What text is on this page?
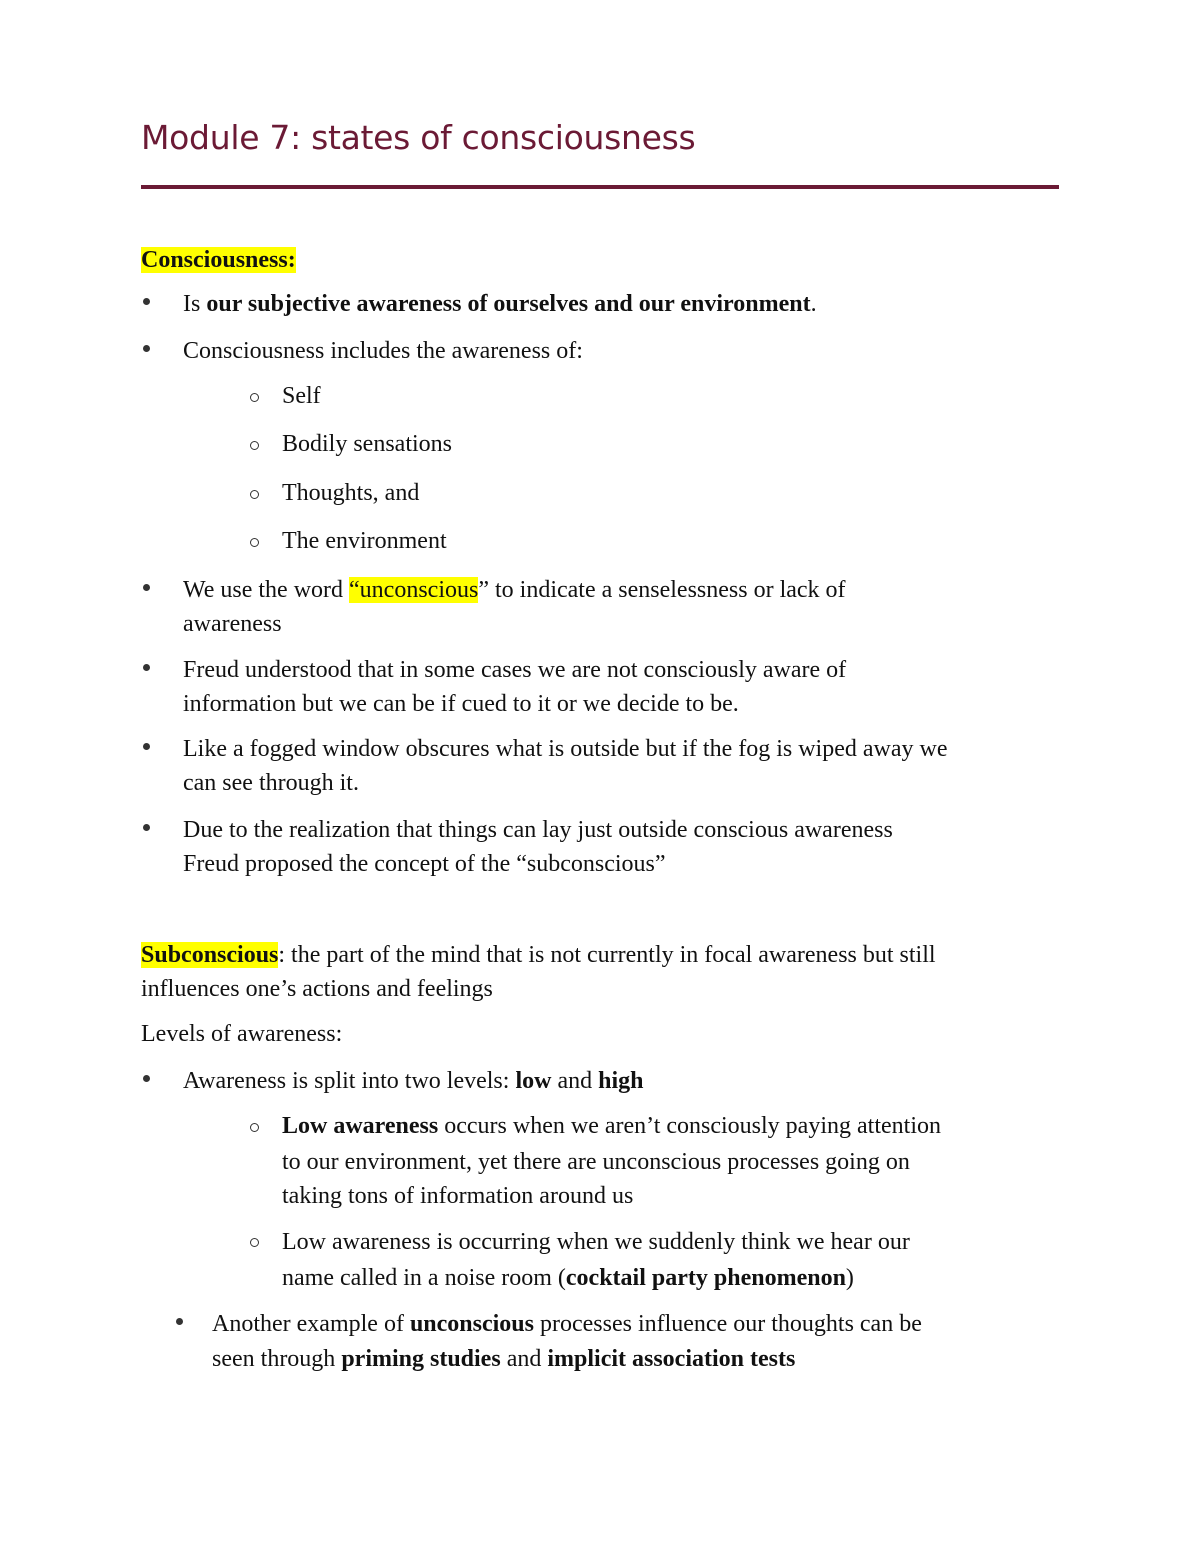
Module 7: states of consciousness
Consciousness:
Is our subjective awareness of ourselves and our environment.
Consciousness includes the awareness of:
Self
Bodily sensations
Thoughts, and
The environment
We use the word “unconscious” to indicate a senselessness or lack of
awareness
Freud understood that in some cases we are not consciously aware of
information but we can be if cued to it or we decide to be.
Like a fogged window obscures what is outside but if the fog is wiped away we
can see through it.
Due to the realization that things can lay just outside conscious awareness
Freud proposed the concept of the “subconscious”
Subconscious: the part of the mind that is not currently in focal awareness but still
influences one’s actions and feelings
Levels of awareness:
Awareness is split into two levels: low and high
Low awareness occurs when we aren’t consciously paying attention
to our environment, yet there are unconscious processes going on
taking tons of information around us
Low awareness is occurring when we suddenly think we hear our
name called in a noise room (cocktail party phenomenon)
Another example of unconscious processes influence our thoughts can be
seen through priming studies and implicit association tests
